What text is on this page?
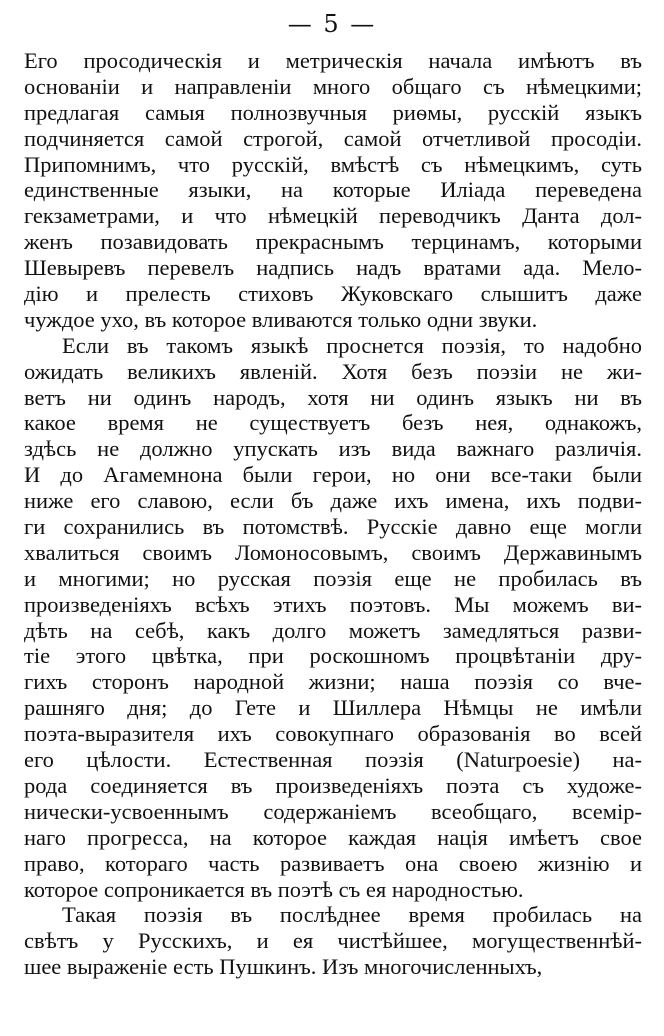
— 5 —
Его просодическія и метрическія начала имѣютъ въ
основаніи и направленіи много общаго съ нѣмецкими;
предлагая самыя полнозвучныя риѳмы, русскій языкъ
подчиняется самой строгой, самой отчетливой просодіи.
Припомнимъ, что русскій, вмѣстѣ съ нѣмецкимъ, суть
единственные языки, на которые Иліада переведена
гекзаметрами, и что нѣмецкій переводчикъ Данта дол-
женъ позавидовать прекраснымъ терцинамъ, которыми
Шевыревъ перевелъ надпись надъ вратами ада. Мело-
дію и прелесть стиховъ Жуковскаго слышитъ даже
чуждое ухо, въ которое вливаются только одни звуки.
Если въ такомъ языкѣ проснется поэзія, то надобно
ожидать великихъ явленій. Хотя безъ поэзіи не жи-
ветъ ни одинъ народъ, хотя ни одинъ языкъ ни въ
какое время не существуетъ безъ нея, однакожъ,
здѣсь не должно упускать изъ вида важнаго различія.
И до Агамемнона были герои, но они все-таки были
ниже его славою, если бъ даже ихъ имена, ихъ подви-
ги сохранились въ потомствѣ. Русскіе давно еще могли
хвалиться своимъ Ломоносовымъ, своимъ Державинымъ
и многими; но русская поэзія еще не пробилась въ
произведеніяхъ всѣхъ этихъ поэтовъ. Мы можемъ ви-
дѣть на себѣ, какъ долго можетъ замедляться разви-
тіе этого цвѣтка, при роскошномъ процвѣтаніи дру-
гихъ сторонъ народной жизни; наша поэзія со вче-
рашняго дня; до Гете и Шиллера Нѣмцы не имѣли
поэта-выразителя ихъ совокупнаго образованія во всей
его цѣлости. Естественная поэзія (Naturpoesie) на-
рода соединяется въ произведеніяхъ поэта съ художе-
нически-усвоеннымъ содержаніемъ всеобщаго, всемір-
наго прогресса, на которое каждая нація имѣетъ свое
право, котораго часть развиваетъ она своею жизнію и
которое сопроникается въ поэтѣ съ ея народностью.
Такая поэзія въ послѣднее время пробилась на
свѣтъ у Русскихъ, и ея чистѣйшее, могущественнѣй-
шее выраженіе есть Пушкинъ. Изъ многочисленныхъ,
